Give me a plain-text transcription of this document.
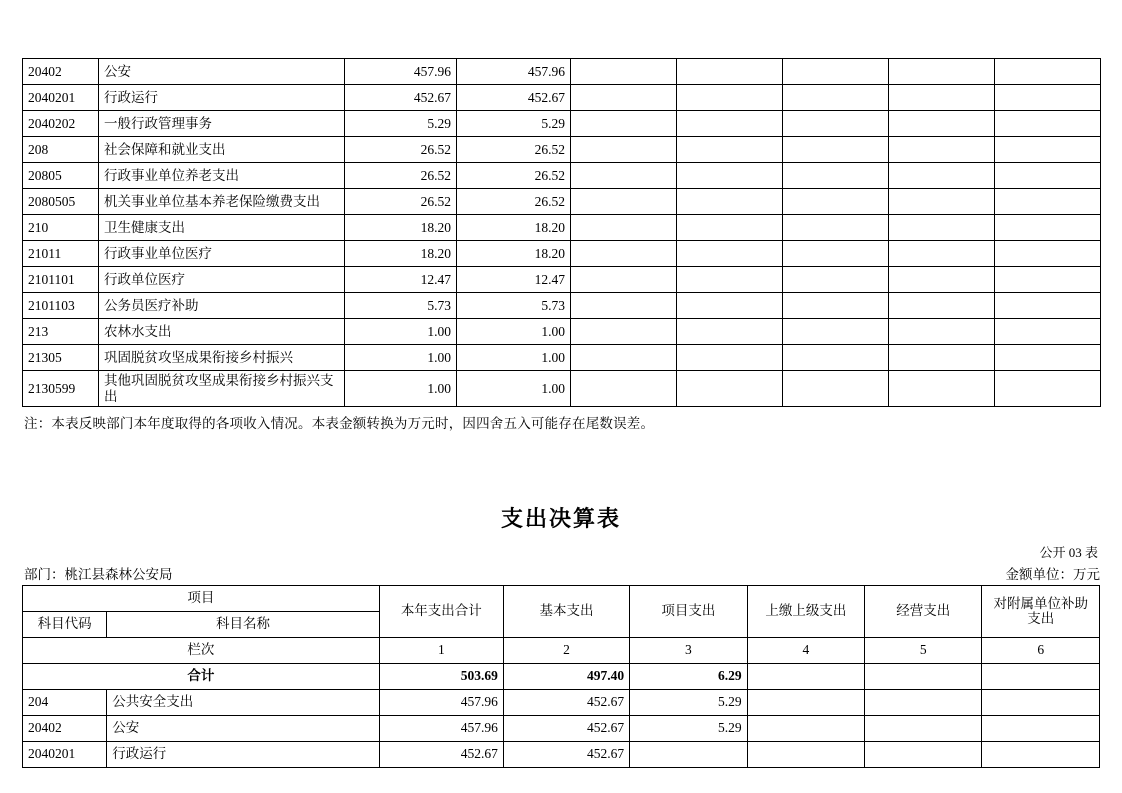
20402	公安	457.96	457.96					
2040201	行政运行	452.67	452.67					
2040202	一般行政管理事务	5.29	5.29					
208	社会保障和就业支出	26.52	26.52					
20805	行政事业单位养老支出	26.52	26.52					
2080505	机关事业单位基本养老保险缴费支出	26.52	26.52					
210	卫生健康支出	18.20	18.20					
21011	行政事业单位医疗	18.20	18.20					
2101101	行政单位医疗	12.47	12.47					
2101103	公务员医疗补助	5.73	5.73					
213	农林水支出	1.00	1.00					
21305	巩固脱贫攻坚成果衔接乡村振兴	1.00	1.00					
2130599	其他巩固脱贫攻坚成果衔接乡村振兴支出	1.00	1.00					
注：本表反映部门本年度取得的各项收入情况。本表金额转换为万元时，因四舍五入可能存在尾数误差。
支出决算表
公开 03 表
部门：桃江县森林公安局	金额单位：万元
项目		本年支出合计	基本支出	项目支出	上缴上级支出	经营支出	对附属单位补助支出
科目代码	科目名称						
栏次		1	2	3	4	5	6
合计		503.69	497.40	6.29			
204	公共安全支出	457.96	452.67	5.29			
20402	公安	457.96	452.67	5.29			
2040201	行政运行	452.67	452.67				
